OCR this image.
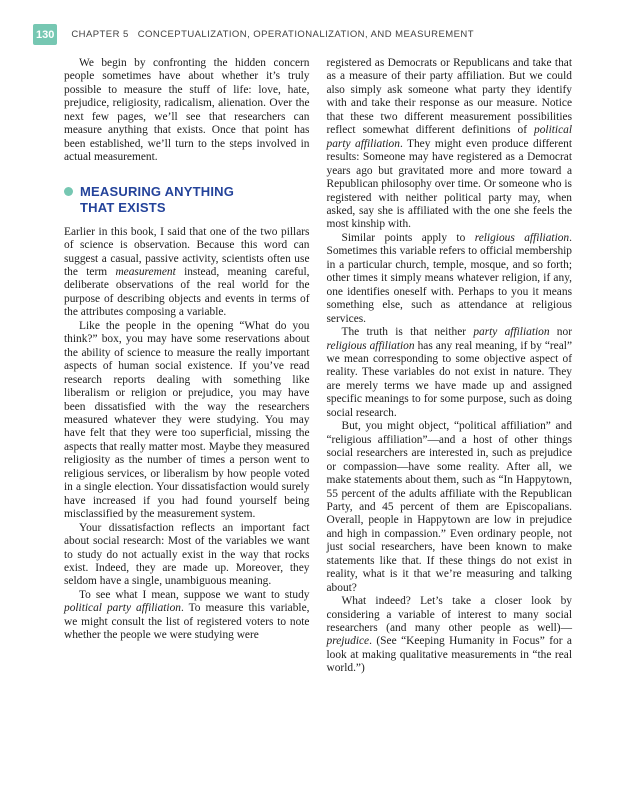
130	CHAPTER 5 CONCEPTUALIZATION, OPERATIONALIZATION, AND MEASUREMENT

We begin by confronting the hidden concern people sometimes have about whether it’s truly possible to measure the stuff of life: love, hate, prejudice, religiosity, radicalism, alienation. Over the next few pages, we’ll see that researchers can measure anything that exists. Once that point has been established, we’ll turn to the steps involved in actual measurement.

MEASURING ANYTHING
THAT EXISTS

Earlier in this book, I said that one of the two pillars of science is observation. Because this word can suggest a casual, passive activity, scientists often use the term measurement instead, meaning careful, deliberate observations of the real world for the purpose of describing objects and events in terms of the attributes composing a variable.

Like the people in the opening “What do you think?” box, you may have some reservations about the ability of science to measure the really important aspects of human social existence. If you’ve read research reports dealing with something like liberalism or religion or prejudice, you may have been dissatisfied with the way the researchers measured whatever they were studying. You may have felt that they were too superficial, missing the aspects that really matter most. Maybe they measured religiosity as the number of times a person went to religious services, or liberalism by how people voted in a single election. Your dissatisfaction would surely have increased if you had found yourself being misclassified by the measurement system.

Your dissatisfaction reflects an important fact about social research: Most of the variables we want to study do not actually exist in the way that rocks exist. Indeed, they are made up. Moreover, they seldom have a single, unambiguous meaning.

To see what I mean, suppose we want to study political party affiliation. To measure this variable, we might consult the list of registered voters to note whether the people we were studying were

registered as Democrats or Republicans and take that as a measure of their party affiliation. But we could also simply ask someone what party they identify with and take their response as our measure. Notice that these two different measurement possibilities reflect somewhat different definitions of political party affiliation. They might even produce different results: Someone may have registered as a Democrat years ago but gravitated more and more toward a Republican philosophy over time. Or someone who is registered with neither political party may, when asked, say she is affiliated with the one she feels the most kinship with.

Similar points apply to religious affiliation. Sometimes this variable refers to official membership in a particular church, temple, mosque, and so forth; other times it simply means whatever religion, if any, one identifies oneself with. Perhaps to you it means something else, such as attendance at religious services.

The truth is that neither party affiliation nor religious affiliation has any real meaning, if by “real” we mean corresponding to some objective aspect of reality. These variables do not exist in nature. They are merely terms we have made up and assigned specific meanings to for some purpose, such as doing social research.

But, you might object, “political affiliation” and “religious affiliation”—and a host of other things social researchers are interested in, such as prejudice or compassion—have some reality. After all, we make statements about them, such as “In Happytown, 55 percent of the adults affiliate with the Republican Party, and 45 percent of them are Episcopalians. Overall, people in Happytown are low in prejudice and high in compassion.” Even ordinary people, not just social researchers, have been known to make statements like that. If these things do not exist in reality, what is it that we’re measuring and talking about?

What indeed? Let’s take a closer look by considering a variable of interest to many social researchers (and many other people as well)—prejudice. (See “Keeping Humanity in Focus” for a look at making qualitative measurements in “the real world.”)
